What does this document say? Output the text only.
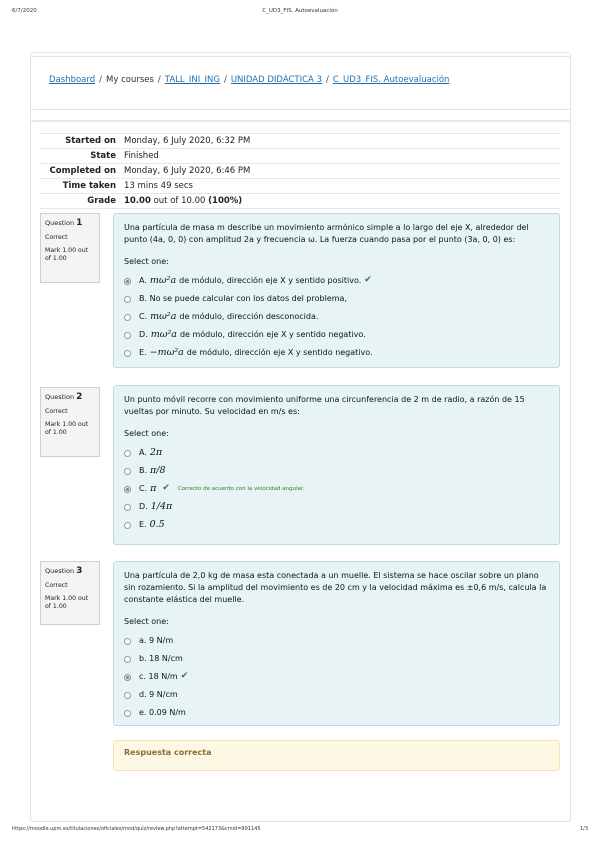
6/7/2020	C_UD3_FIS. Autoevaluación
Dashboard / My courses / TALL_INI_ING / UNIDAD DIDÁCTICA 3 / C_UD3_FIS. Autoevaluación
Started on	Monday, 6 July 2020, 6:32 PM
State	Finished
Completed on	Monday, 6 July 2020, 6:46 PM
Time taken	13 mins 49 secs
Grade	10.00 out of 10.00 (100%)
Question 1
Correct
Mark 1.00 out of 1.00
Una partícula de masa m describe un movimiento armónico simple a lo largo del eje X, alrededor del punto (4a, 0, 0) con amplitud 2a y frecuencia ω. La fuerza cuando pasa por el punto (3a, 0, 0) es:
Select one:
A. mω²a de módulo, dirección eje X y sentido positivo. ✔
B.
No se puede calcular con los datos del problema,
C. mω²a de módulo, dirección desconocida.
D. mω²a de módulo, dirección eje X y sentido negativo.
E. −mω²a de módulo, dirección eje X y sentido negativo.
Question 2
Correct
Mark 1.00 out of 1.00
Un punto móvil recorre con movimiento uniforme una circunferencia de 2 m de radio, a razón de 15 vueltas por minuto. Su velocidad en m/s es:
Select one:
A. 2π
B. π/8
C. π ✔ Correcto de acuerdo con la velocidad angular.
D. 1/4π
E. 0.5
Question 3
Correct
Mark 1.00 out of 1.00
Una partícula de 2,0 kg de masa esta conectada a un muelle. El sistema se hace oscilar sobre un plano sin rozamiento. Si la amplitud del movimiento es de 20 cm y la velocidad máxima es ±0,6 m/s, calcula la constante elástica del muelle.
Select one:
a.
9 N/m
b.
18 N/cm
c.
18 N/m ✔
d.
9 N/cm
e.
0.09 N/m
Respuesta correcta
https://moodle.upm.es/titulaciones/oficiales/mod/quiz/review.php?attempt=542173&cmid=991145	1/3
